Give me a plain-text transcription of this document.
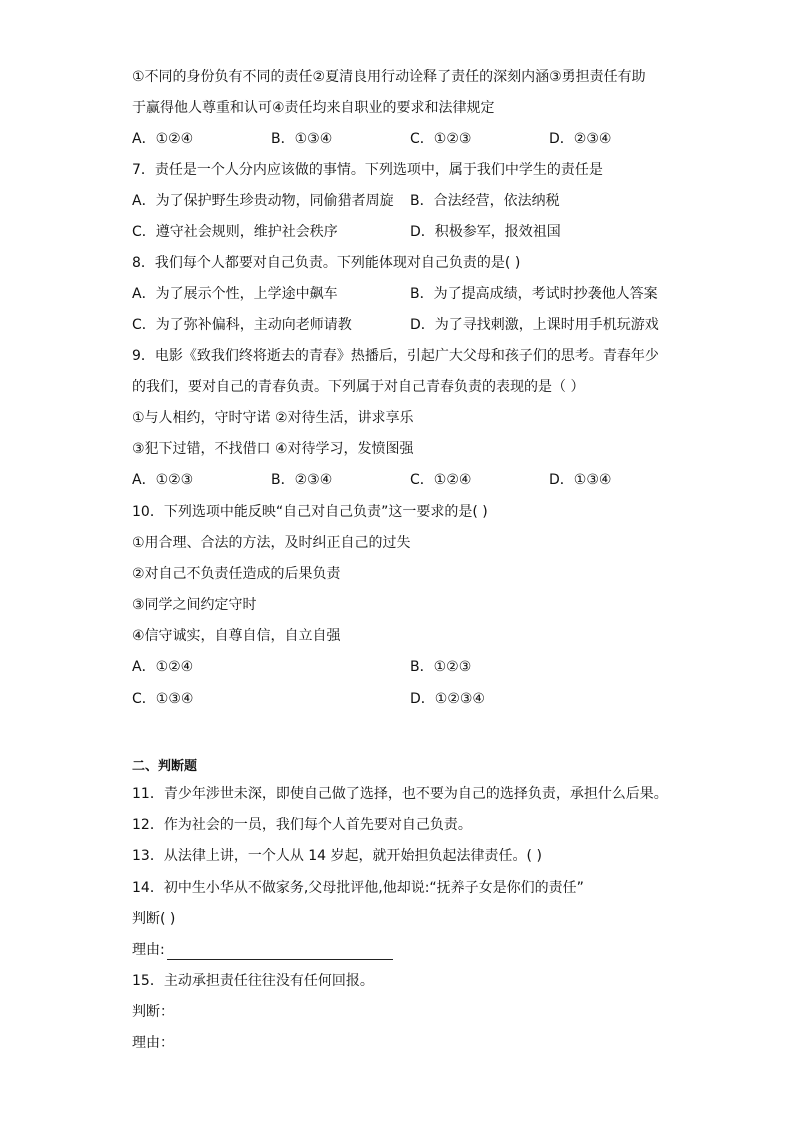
①不同的身份负有不同的责任②夏清良用行动诠释了责任的深刻内涵③勇担责任有助
于赢得他人尊重和认可④责任均来自职业的要求和法律规定
A．①②④	B．①③④	C．①②③	D．②③④
7．责任是一个人分内应该做的事情。下列选项中，属于我们中学生的责任是
A．为了保护野生珍贵动物，同偷猎者周旋 B．合法经营，依法纳税
C．遵守社会规则，维护社会秩序	D．积极参军，报效祖国
8．我们每个人都要对自己负责。下列能体现对自己负责的是( )
A．为了展示个性，上学途中飙车	B．为了提高成绩，考试时抄袭他人答案
C．为了弥补偏科，主动向老师请教	D．为了寻找刺激，上课时用手机玩游戏
9．电影《致我们终将逝去的青春》热播后，引起广大父母和孩子们的思考。青春年少
的我们，要对自己的青春负责。下列属于对自己青春负责的表现的是（ ）
①与人相约，守时守诺 ②对待生活，讲求享乐
③犯下过错，不找借口 ④对待学习，发愤图强
A．①②③	B．②③④	C．①②④	D．①③④
10．下列选项中能反映“自己对自己负责”这一要求的是( )
①用合理、合法的方法，及时纠正自己的过失
②对自己不负责任造成的后果负责
③同学之间约定守时
④信守诚实，自尊自信，自立自强
A．①②④	B．①②③
C．①③④	D．①②③④
二、判断题
11．青少年涉世未深，即使自己做了选择，也不要为自己的选择负责，承担什么后果。
12．作为社会的一员，我们每个人首先要对自己负责。
13．从法律上讲，一个人从 14 岁起，就开始担负起法律责任。( )
14．初中生小华从不做家务,父母批评他,他却说:“抚养子女是你们的责任”
判断( )
理由:
15．主动承担责任往往没有任何回报。
判断：
理由：
